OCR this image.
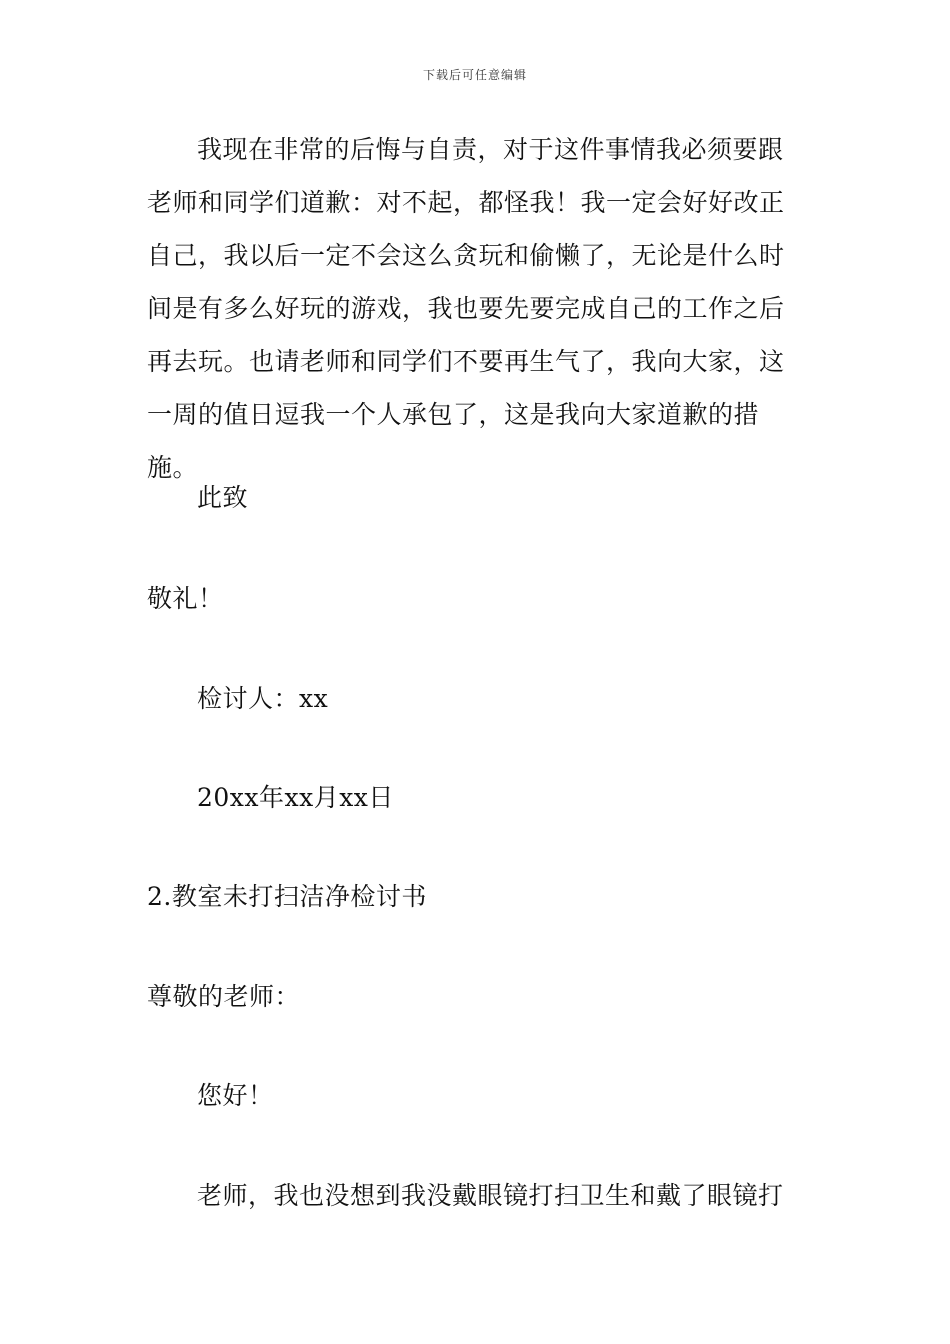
下载后可任意编辑

我现在非常的后悔与自责，对于这件事情我必须要跟老师和同学们道歉：对不起，都怪我！我一定会好好改正自己，我以后一定不会这么贪玩和偷懒了，无论是什么时间是有多么好玩的游戏，我也要先要完成自己的工作之后再去玩。也请老师和同学们不要再生气了，我向大家，这一周的值日逗我一个人承包了，这是我向大家道歉的措施。

此致
敬礼！
检讨人：xx
20xx年xx月xx日
2.教室未打扫洁净检讨书
尊敬的老师：
您好！
老师，我也没想到我没戴眼镜打扫卫生和戴了眼镜打
